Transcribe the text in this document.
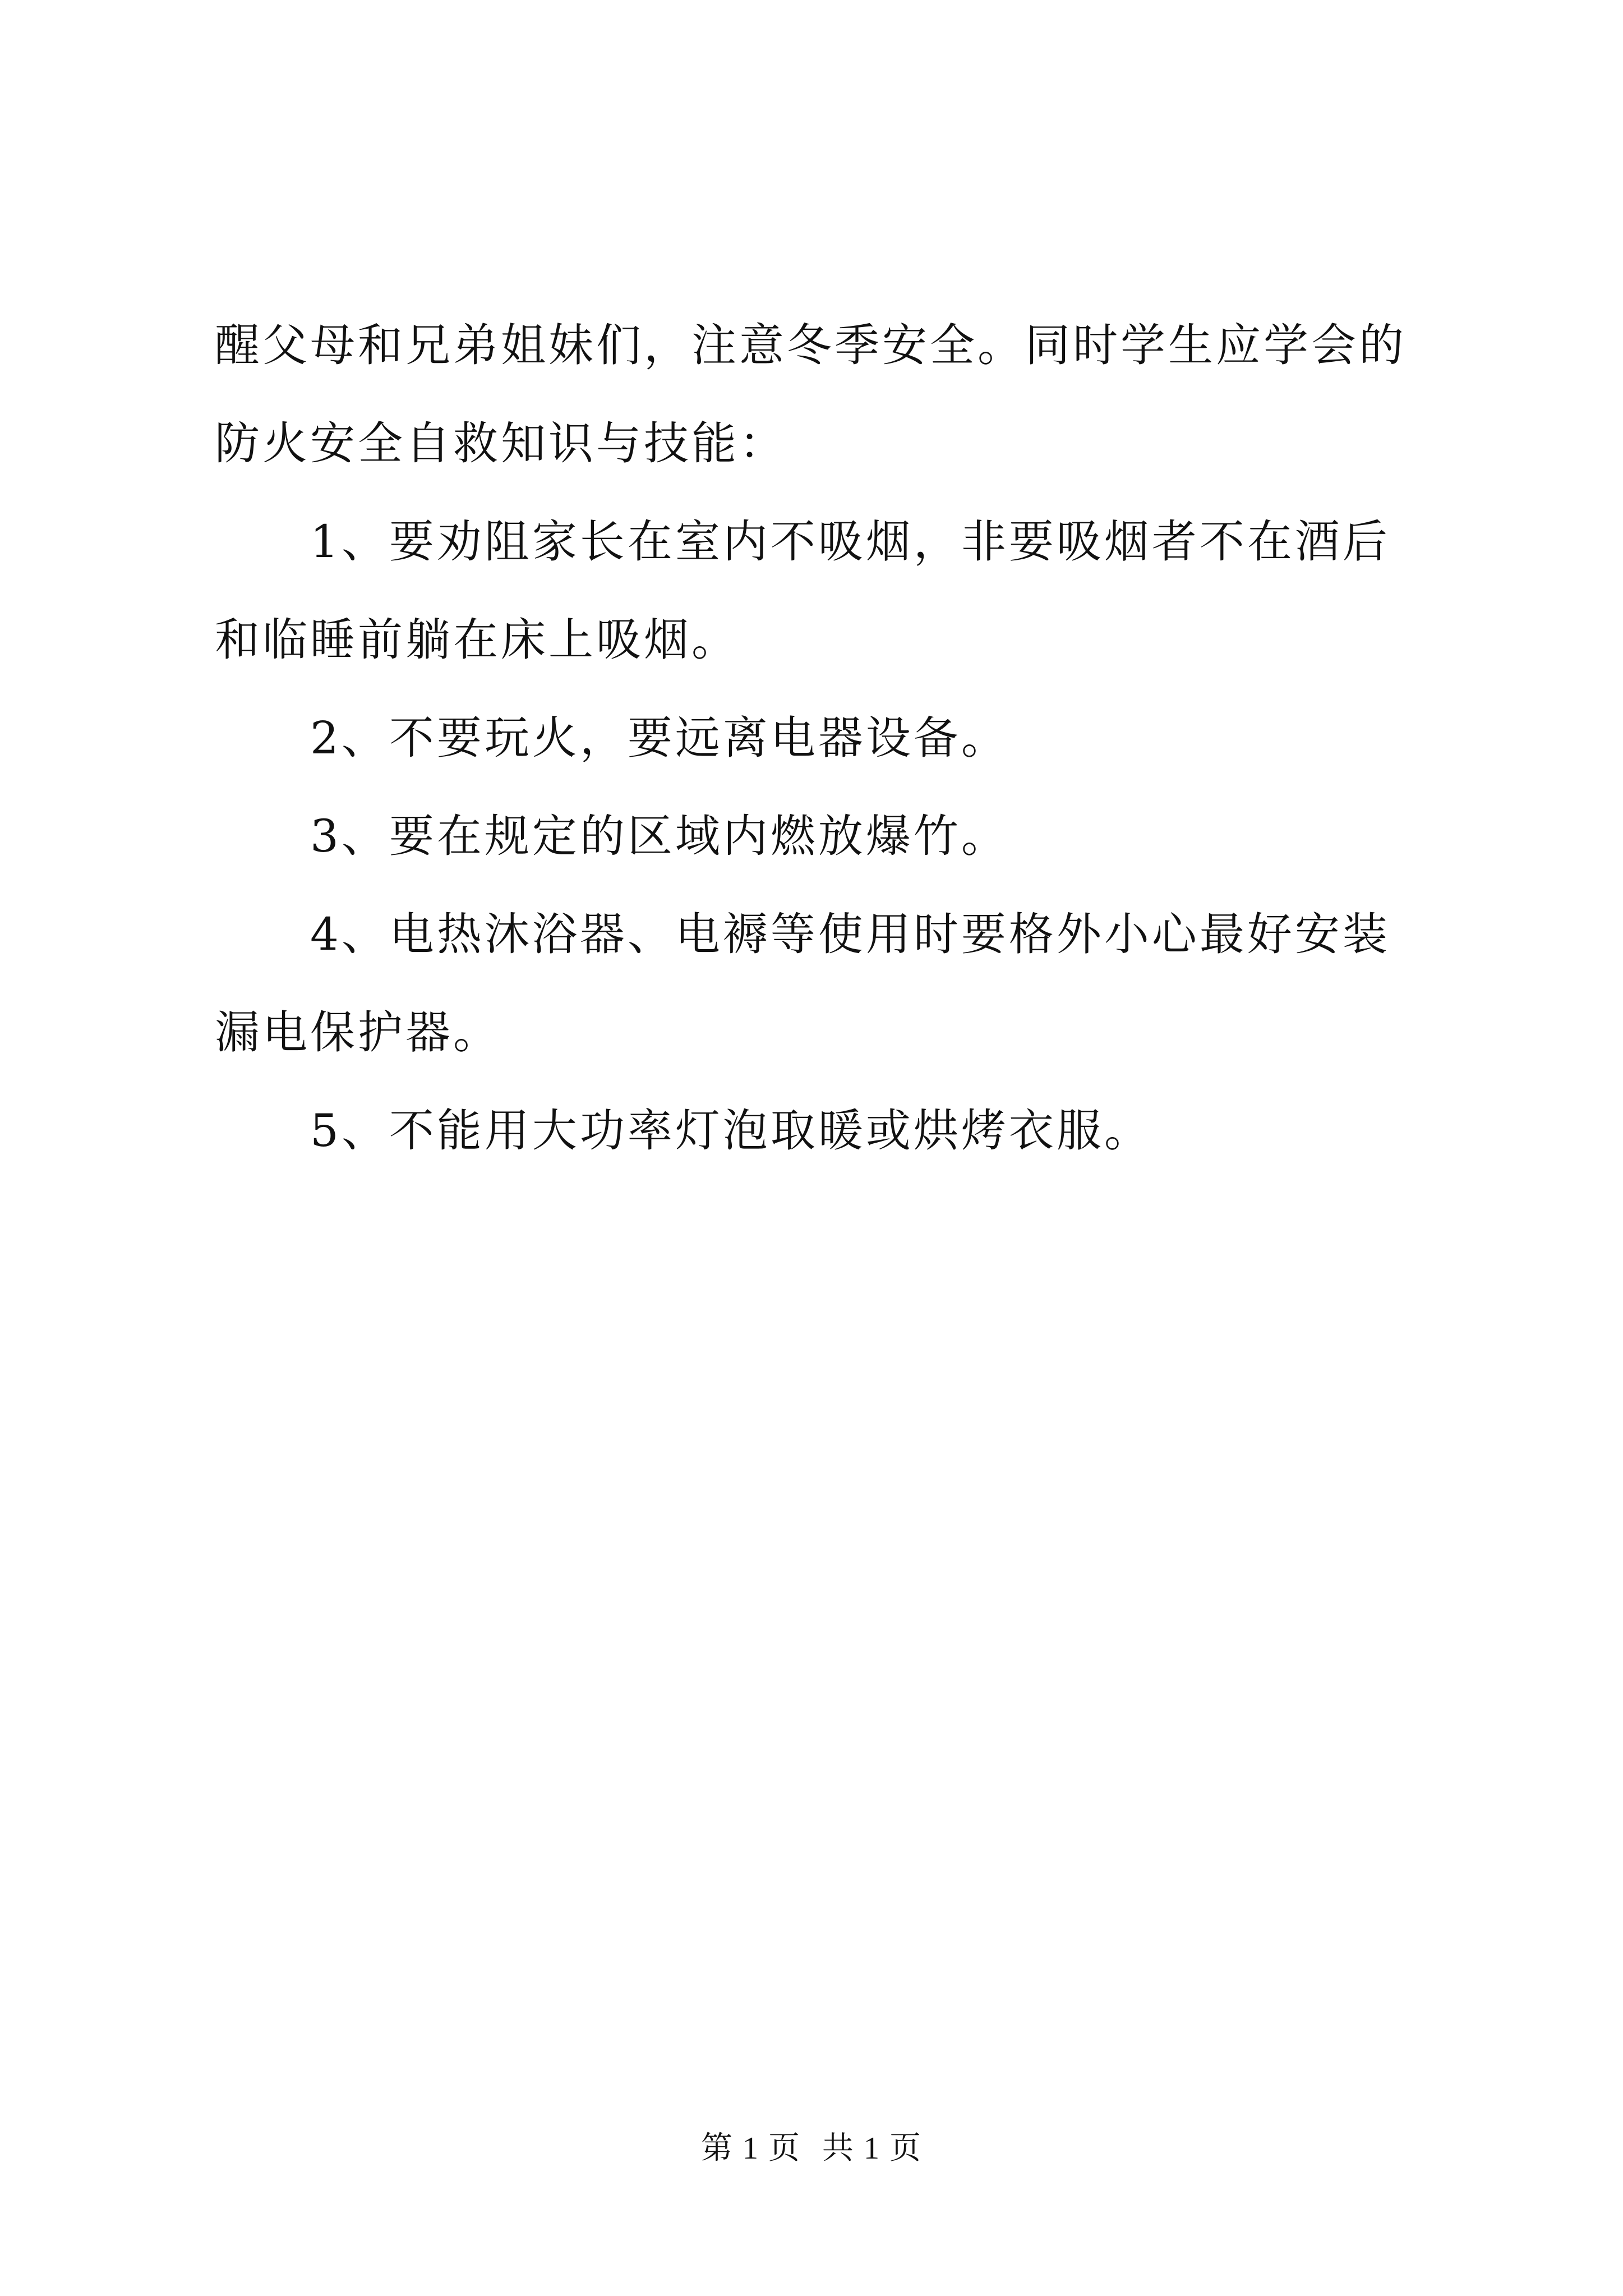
醒父母和兄弟姐妹们，注意冬季安全。同时学生应学会的防火安全自救知识与技能：

1、要劝阻家长在室内不吸烟，非要吸烟者不在酒后和临睡前躺在床上吸烟。

2、不要玩火，要远离电器设备。

3、要在规定的区域内燃放爆竹。

4、电热沐浴器、电褥等使用时要格外小心最好安装漏电保护器。

5、不能用大功率灯泡取暖或烘烤衣服。

第 1 页 共 1 页
